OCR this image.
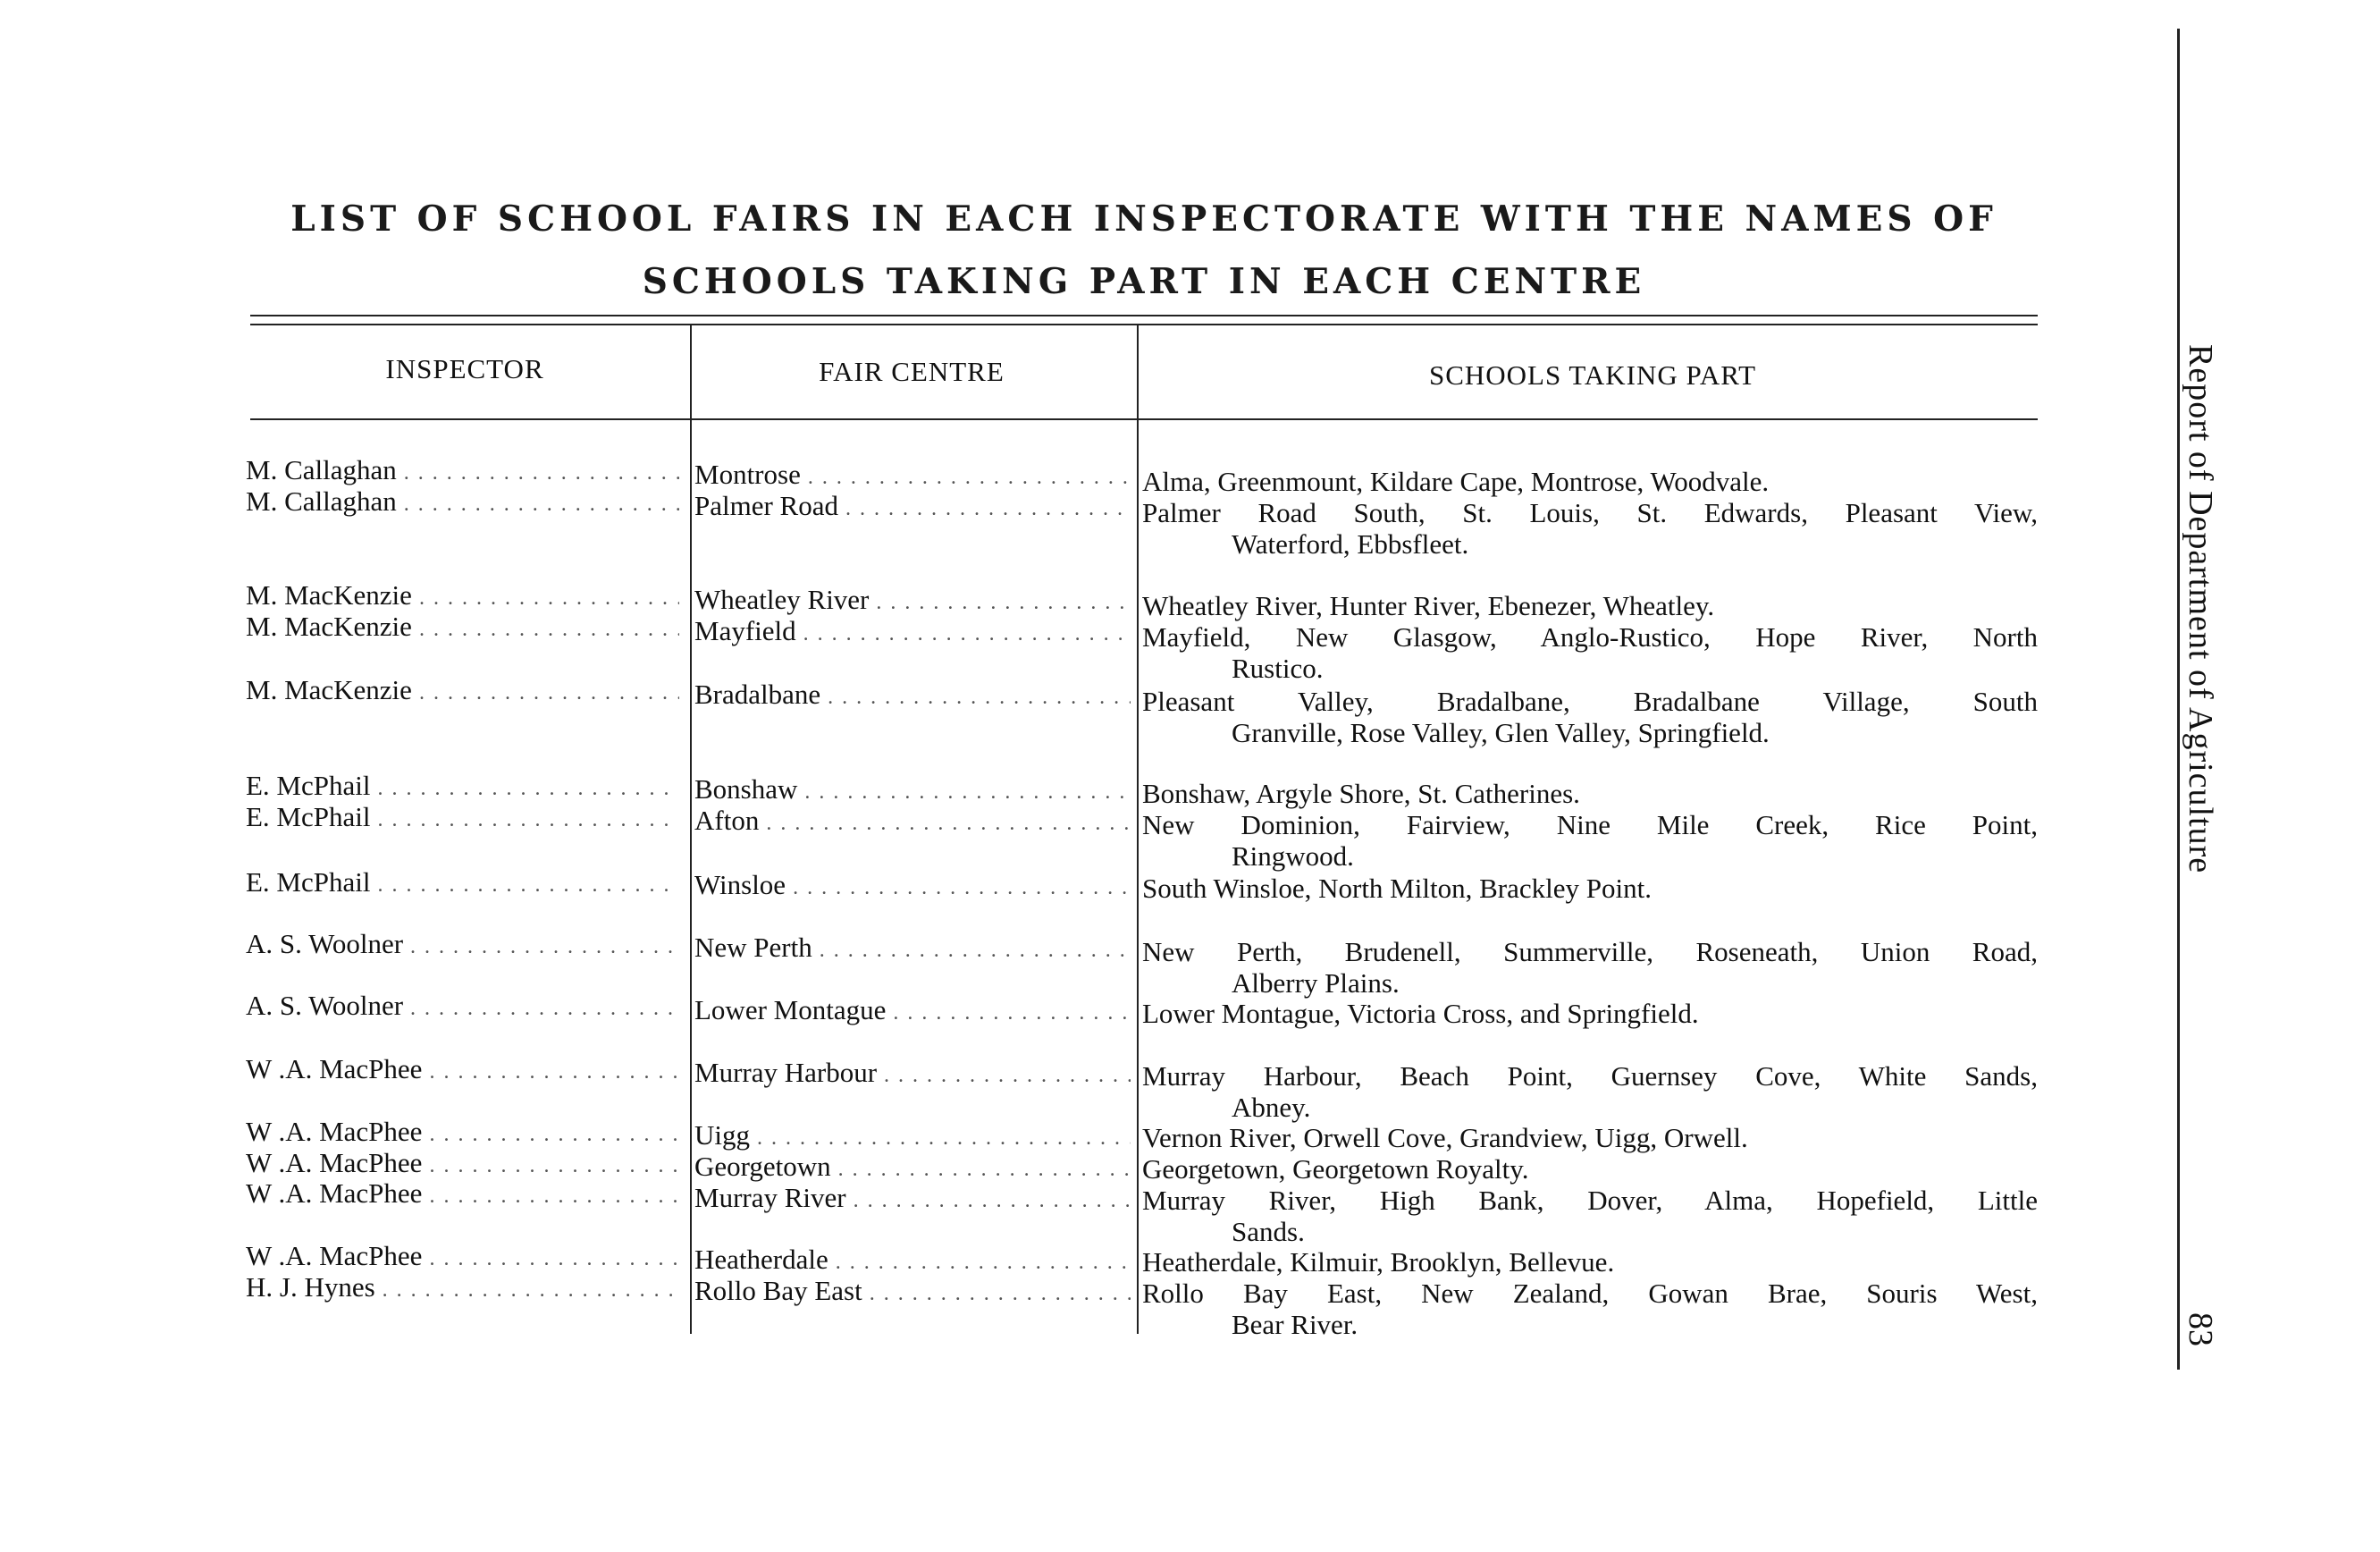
LIST OF SCHOOL FAIRS IN EACH INSPECTORATE WITH THE NAMES OF
SCHOOLS TAKING PART IN EACH CENTRE
INSPECTOR	FAIR CENTRE	SCHOOLS TAKING PART
M. Callaghan . . .	Montrose . . .	Alma, Greenmount, Kildare Cape, Montrose, Woodvale.
M. Callaghan . . .	Palmer Road . . .	Palmer Road South, St. Louis, St. Edwards, Pleasant View,
Waterford, Ebbsfleet.
M. MacKenzie . . .	Wheatley River . . .	Wheatley River, Hunter River, Ebenezer, Wheatley.
M. MacKenzie . . .	Mayfield . . .	Mayfield, New Glasgow, Anglo-Rustico, Hope River, North
Rustico.
M. MacKenzie . . .	Bradalbane . . .	Pleasant Valley, Bradalbane, Bradalbane Village, South
Granville, Rose Valley, Glen Valley, Springfield.
E. McPhail . . .	Bonshaw . . .	Bonshaw, Argyle Shore, St. Catherines.
E. McPhail . . .	Afton . . .	New Dominion, Fairview, Nine Mile Creek, Rice Point,
Ringwood.
E. McPhail . . .	Winsloe . . .	South Winsloe, North Milton, Brackley Point.
A. S. Woolner . . .	New Perth . . .	New Perth, Brudenell, Summerville, Roseneath, Union Road,
Alberry Plains.
A. S. Woolner . . .	Lower Montague . . .	Lower Montague, Victoria Cross, and Springfield.
W .A. MacPhee . . .	Murray Harbour . . .	Murray Harbour, Beach Point, Guernsey Cove, White Sands,
Abney.
W .A. MacPhee . . .	Uigg . . .	Vernon River, Orwell Cove, Grandview, Uigg, Orwell.
W .A. MacPhee . . .	Georgetown . . .	Georgetown, Georgetown Royalty.
W .A. MacPhee . . .	Murray River . . .	Murray River, High Bank, Dover, Alma, Hopefield, Little
Sands.
W .A. MacPhee . . .	Heatherdale . . .	Heatherdale, Kilmuir, Brooklyn, Bellevue.
H. J. Hynes . . .	Rollo Bay East . . .	Rollo Bay East, New Zealand, Gowan Brae, Souris West,
Bear River.
Report of Department of Agriculture
83
